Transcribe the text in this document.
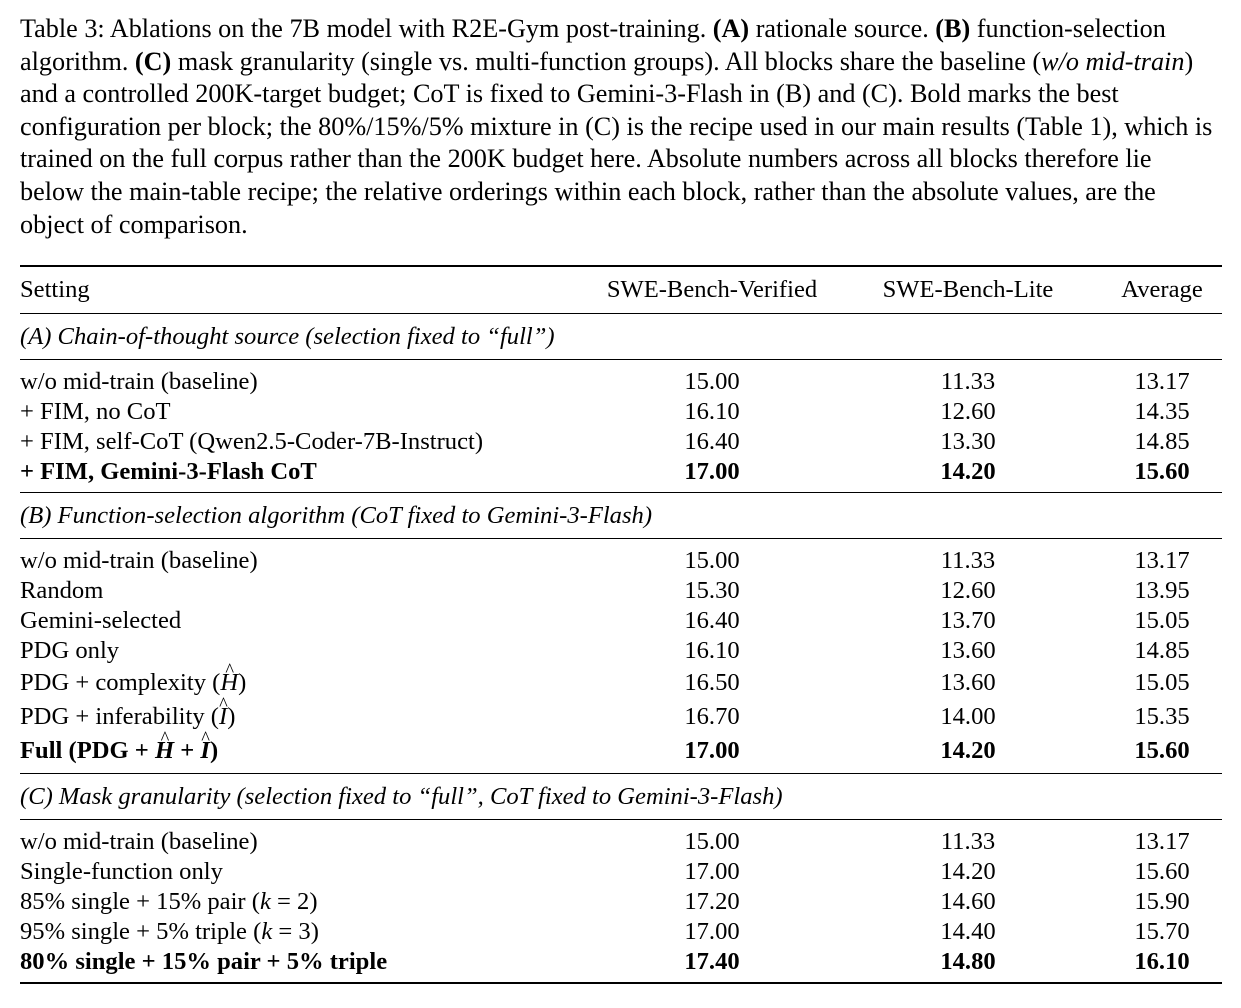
Table 3: Ablations on the 7B model with R2E-Gym post-training. (A) rationale source. (B) function-selection algorithm. (C) mask granularity (single vs. multi-function groups). All blocks share the baseline (w/o mid-train) and a controlled 200K-target budget; CoT is fixed to Gemini-3-Flash in (B) and (C). Bold marks the best configuration per block; the 80%/15%/5% mixture in (C) is the recipe used in our main results (Table 1), which is trained on the full corpus rather than the 200K budget here. Absolute numbers across all blocks therefore lie below the main-table recipe; the relative orderings within each block, rather than the absolute values, are the object of comparison.
Setting	SWE-Bench-Verified	SWE-Bench-Lite	Average
(A) Chain-of-thought source (selection fixed to “full”)			
w/o mid-train (baseline)	15.00	11.33	13.17
+ FIM, no CoT	16.10	12.60	14.35
+ FIM, self-CoT (Qwen2.5-Coder-7B-Instruct)	16.40	13.30	14.85
+ FIM, Gemini-3-Flash CoT	17.00	14.20	15.60
(B) Function-selection algorithm (CoT fixed to Gemini-3-Flash)			
w/o mid-train (baseline)	15.00	11.33	13.17
Random	15.30	12.60	13.95
Gemini-selected	16.40	13.70	15.05
PDG only	16.10	13.60	14.85
PDG + complexity (^ H)	16.50	13.60	15.05
PDG + inferability (^ I)	16.70	14.00	15.35
Full (PDG + ^ H + ^ I)	17.00	14.20	15.60
(C) Mask granularity (selection fixed to “full”, CoT fixed to Gemini-3-Flash)			
w/o mid-train (baseline)	15.00	11.33	13.17
Single-function only	17.00	14.20	15.60
85% single + 15% pair (k = 2)	17.20	14.60	15.90
95% single + 5% triple (k = 3)	17.00	14.40	15.70
80% single + 15% pair + 5% triple	17.40	14.80	16.10
